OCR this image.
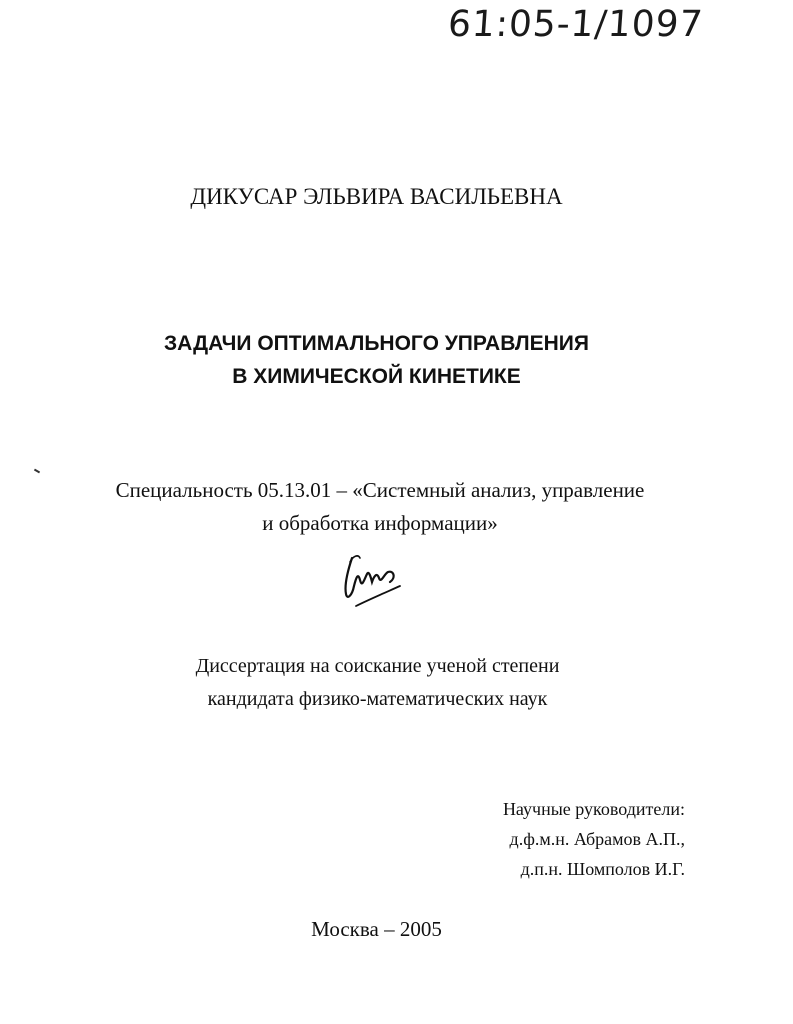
61:05-1/1097
ДИКУСАР ЭЛЬВИРА ВАСИЛЬЕВНА
ЗАДАЧИ ОПТИМАЛЬНОГО УПРАВЛЕНИЯ
В ХИМИЧЕСКОЙ КИНЕТИКЕ
Специальность 05.13.01 – «Системный анализ, управление
и обработка информации»
Диссертация на соискание ученой степени
кандидата физико-математических наук
Научные руководители:
д.ф.м.н. Абрамов А.П.,
д.п.н. Шомполов И.Г.
Москва – 2005
